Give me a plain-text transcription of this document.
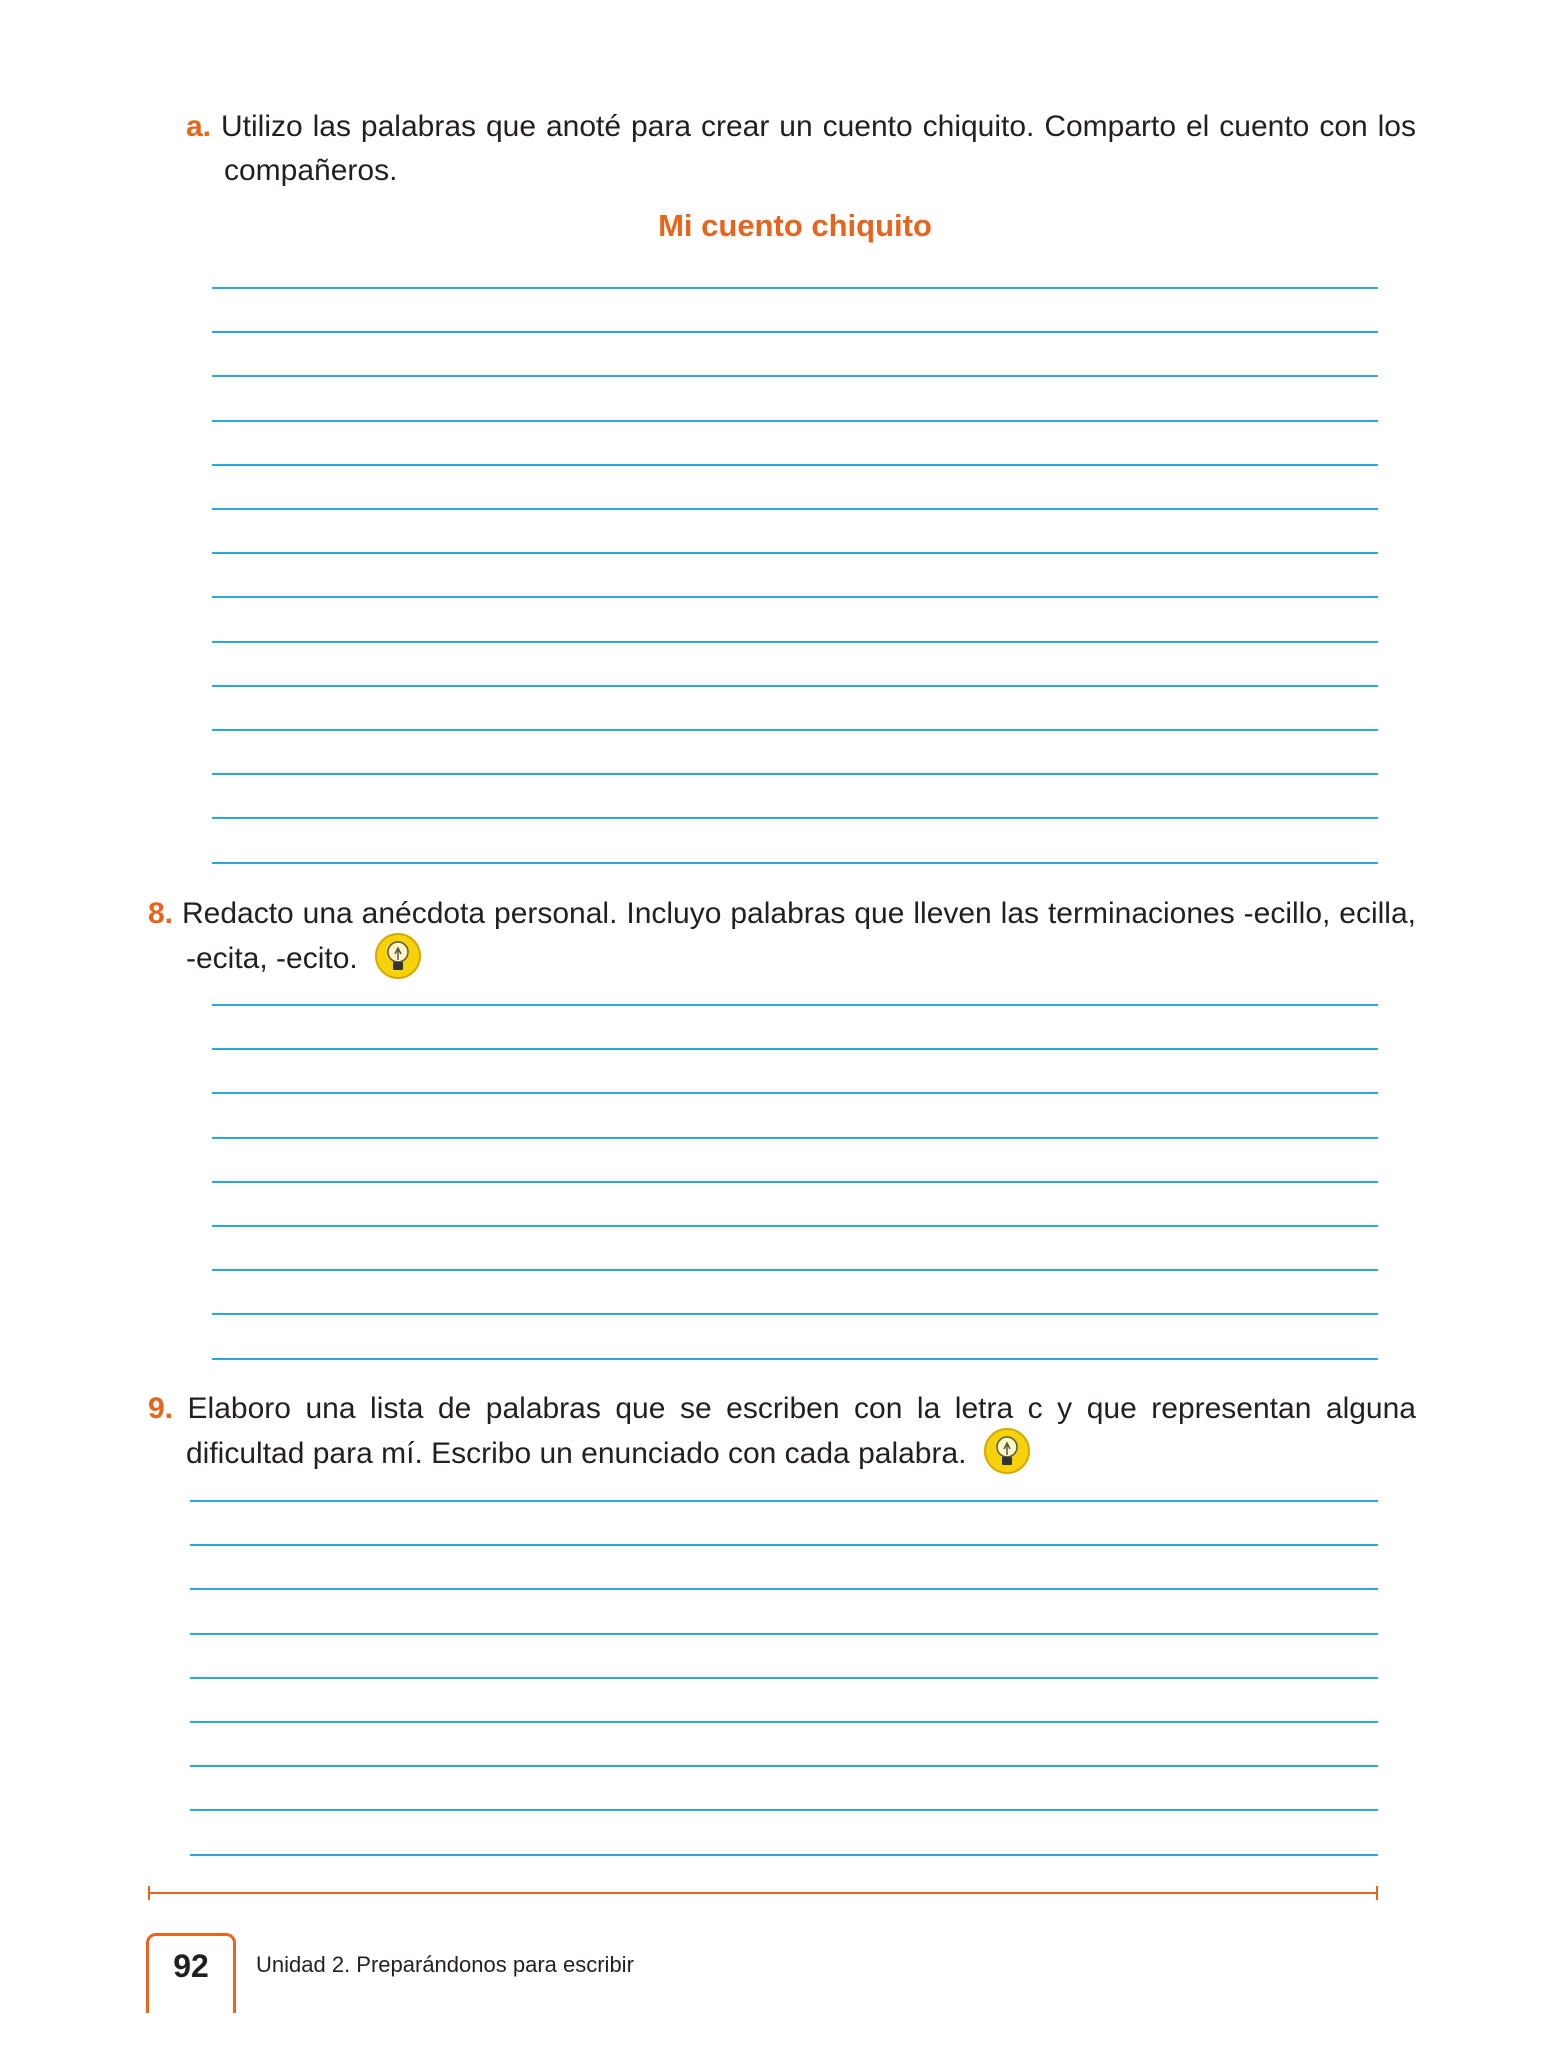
a. Utilizo las palabras que anoté para crear un cuento chiquito. Comparto el cuento con los compañeros.
Mi cuento chiquito
8. Redacto una anécdota personal. Incluyo palabras que lleven las terminaciones -ecillo, ecilla, -ecita, -ecito.
9. Elaboro una lista de palabras que se escriben con la letra c y que representan alguna dificultad para mí. Escribo un enunciado con cada palabra.
92	Unidad 2. Preparándonos para escribir
